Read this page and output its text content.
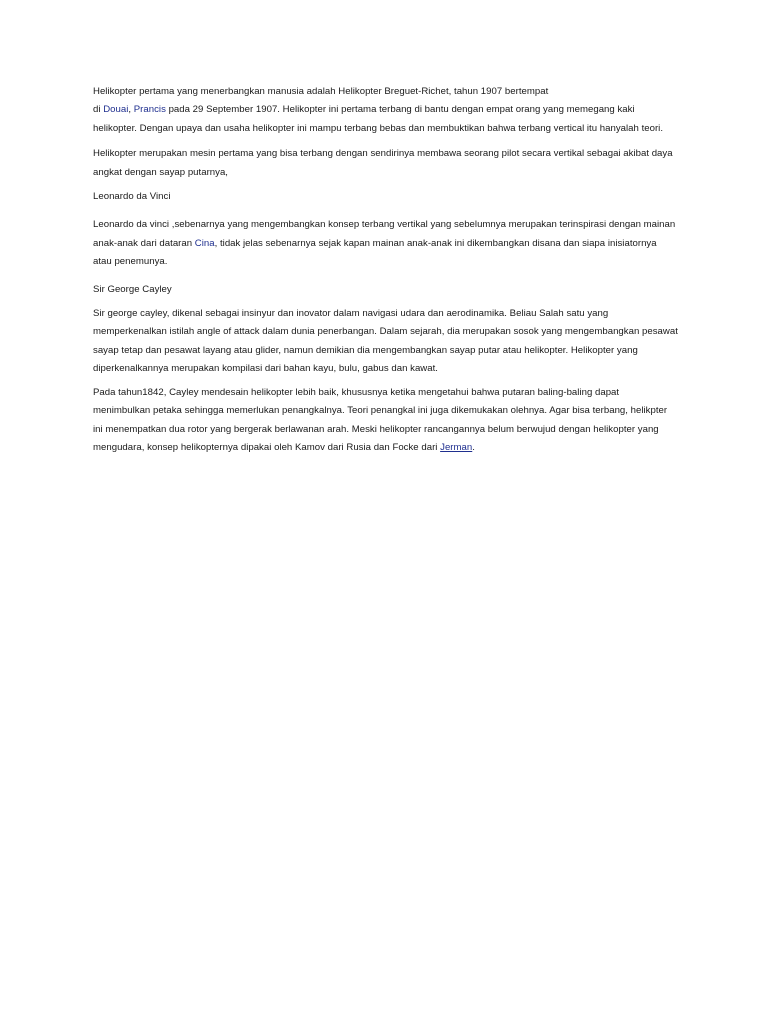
Helikopter pertama yang menerbangkan manusia adalah Helikopter Breguet-Richet, tahun 1907 bertempat
di Douai, Prancis pada 29 September 1907. Helikopter ini pertama terbang di bantu dengan empat orang yang memegang kaki helikopter. Dengan upaya dan usaha helikopter ini mampu terbang bebas dan membuktikan bahwa terbang vertical itu hanyalah teori.

Helikopter merupakan mesin pertama yang bisa terbang dengan sendirinya membawa seorang pilot secara vertikal sebagai akibat daya angkat dengan sayap putarnya,

Leonardo da Vinci

Leonardo da vinci ,sebenarnya yang mengembangkan konsep terbang vertikal yang sebelumnya merupakan terinspirasi dengan mainan anak-anak dari dataran Cina, tidak jelas sebenarnya sejak kapan mainan anak-anak ini dikembangkan disana dan siapa inisiatornya atau penemunya.

Sir George Cayley

Sir george cayley, dikenal sebagai insinyur dan inovator dalam navigasi udara dan aerodinamika. Beliau Salah satu yang memperkenalkan istilah angle of attack dalam dunia penerbangan. Dalam sejarah, dia merupakan sosok yang mengembangkan pesawat sayap tetap dan pesawat layang atau glider, namun demikian dia mengembangkan sayap putar atau helikopter. Helikopter yang diperkenalkannya merupakan kompilasi dari bahan kayu, bulu, gabus dan kawat.

Pada tahun1842, Cayley mendesain helikopter lebih baik, khususnya ketika mengetahui bahwa putaran baling-baling dapat menimbulkan petaka sehingga memerlukan penangkalnya. Teori penangkal ini juga dikemukakan olehnya. Agar bisa terbang, helikpter ini menempatkan dua rotor yang bergerak berlawanan arah. Meski helikopter rancangannya belum berwujud dengan helikopter yang mengudara, konsep helikopternya dipakai oleh Kamov dari Rusia dan Focke dari Jerman.
